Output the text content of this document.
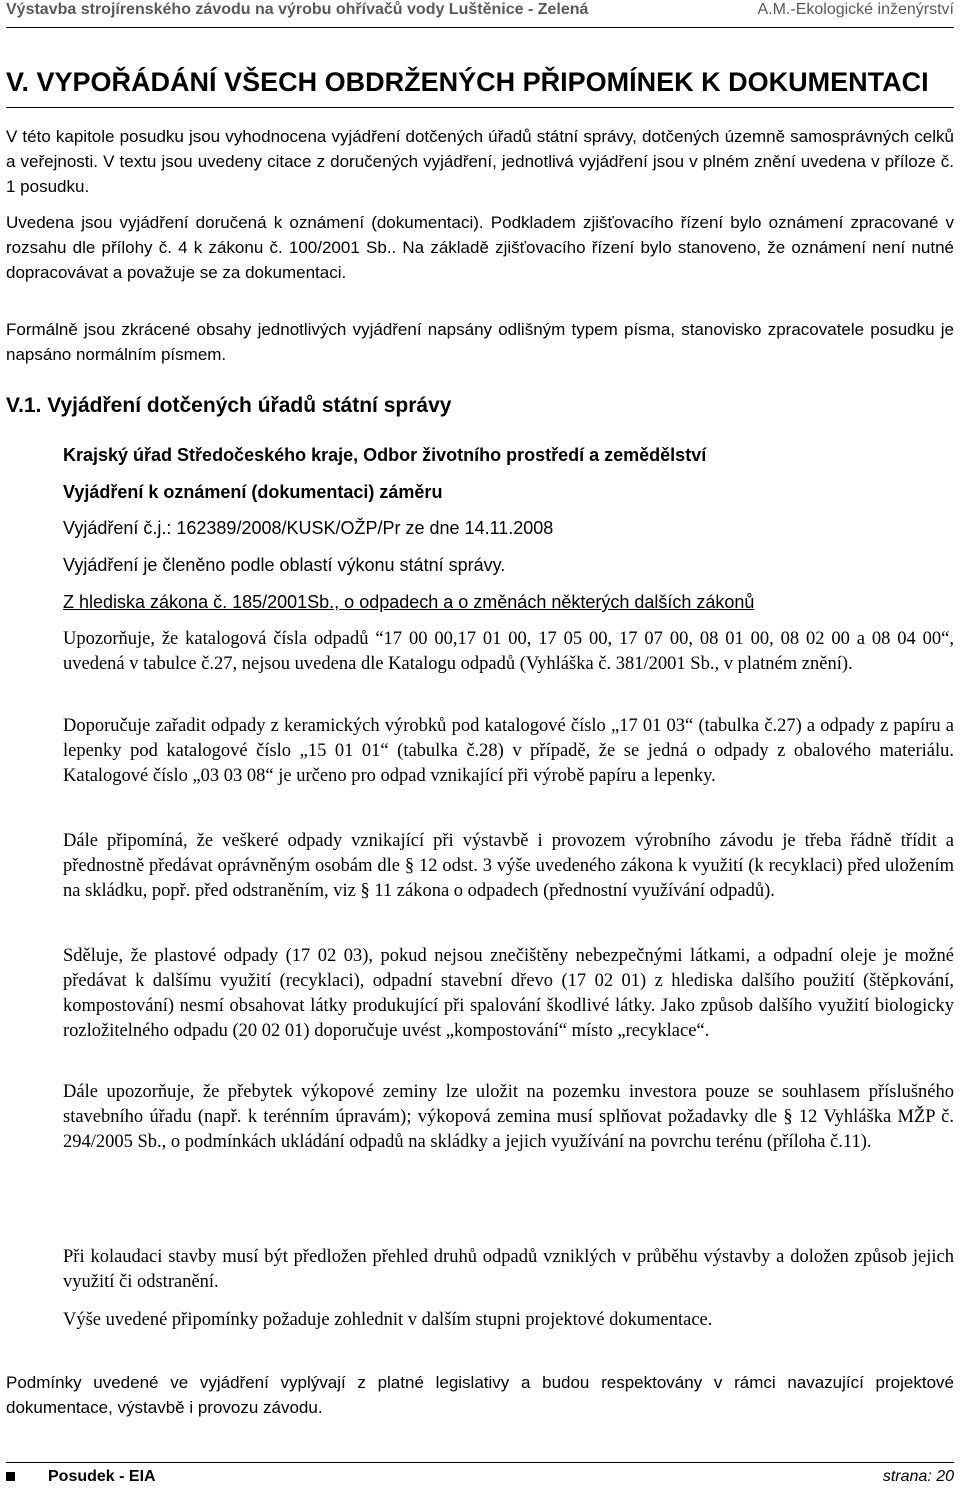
Výstavba strojírenského závodu na výrobu ohřívačů vody Luštěnice - Zelená	A.M.-Ekologické inženýrství
V. VYPOŘÁDÁNÍ VŠECH OBDRŽENÝCH PŘIPOMÍNEK K DOKUMENTACI

V této kapitole posudku jsou vyhodnocena vyjádření dotčených úřadů státní správy, dotčených územně samosprávných celků a veřejnosti. V textu jsou uvedeny citace z doručených vyjádření, jednotlivá vyjádření jsou v plném znění uvedena v příloze č. 1 posudku.

Uvedena jsou vyjádření doručená k oznámení (dokumentaci). Podkladem zjišťovacího řízení bylo oznámení zpracované v rozsahu dle přílohy č. 4 k zákonu č. 100/2001 Sb.. Na základě zjišťovacího řízení bylo stanoveno, že oznámení není nutné dopracovávat a považuje se za dokumentaci.

Formálně jsou zkrácené obsahy jednotlivých vyjádření napsány odlišným typem písma, stanovisko zpracovatele posudku je napsáno normálním písmem.

V.1. Vyjádření dotčených úřadů státní správy

Krajský úřad Středočeského kraje, Odbor životního prostředí a zemědělství

Vyjádření k oznámení (dokumentaci) záměru

Vyjádření č.j.: 162389/2008/KUSK/OŽP/Pr ze dne 14.11.2008

Vyjádření je členěno podle oblastí výkonu státní správy.

Z hlediska zákona č. 185/2001Sb., o odpadech a o změnách některých dalších zákonů

Upozorňuje, že katalogová čísla odpadů “17 00 00,17 01 00, 17 05 00, 17 07 00, 08 01 00, 08 02 00 a 08 04 00“, uvedená v tabulce č.27, nejsou uvedena dle Katalogu odpadů (Vyhláška č. 381/2001 Sb., v platném znění).

Doporučuje zařadit odpady z keramických výrobků pod katalogové číslo „17 01 03“ (tabulka č.27) a odpady z papíru a lepenky pod katalogové číslo „15 01 01“ (tabulka č.28) v případě, že se jedná o odpady z obalového materiálu. Katalogové číslo „03 03 08“ je určeno pro odpad vznikající při výrobě papíru a lepenky.

Dále připomíná, že veškeré odpady vznikající při výstavbě i provozem výrobního závodu je třeba řádně třídit a přednostně předávat oprávněným osobám dle § 12 odst. 3 výše uvedeného zákona k využití (k recyklaci) před uložením na skládku, popř. před odstraněním, viz § 11 zákona o odpadech (přednostní využívání odpadů).

Sděluje, že plastové odpady (17 02 03), pokud nejsou znečištěny nebezpečnými látkami, a odpadní oleje je možné předávat k dalšímu využití (recyklaci), odpadní stavební dřevo (17 02 01) z hlediska dalšího použití (štěpkování, kompostování) nesmí obsahovat látky produkující při spalování škodlivé látky. Jako způsob dalšího využití biologicky rozložitelného odpadu (20 02 01) doporučuje uvést „kompostování“ místo „recyklace“.

Dále upozorňuje, že přebytek výkopové zeminy lze uložit na pozemku investora pouze se souhlasem příslušného stavebního úřadu (např. k terénním úpravám); výkopová zemina musí splňovat požadavky dle § 12 Vyhláška MŽP č. 294/2005 Sb., o podmínkách ukládání odpadů na skládky a jejich využívání na povrchu terénu (příloha č.11).

Při kolaudaci stavby musí být předložen přehled druhů odpadů vzniklých v průběhu výstavby a doložen způsob jejich využití či odstranění.

Výše uvedené připomínky požaduje zohlednit v dalším stupni projektové dokumentace.

Podmínky uvedené ve vyjádření vyplývají z platné legislativy a budou respektovány v rámci navazující projektové dokumentace, výstavbě i provozu závodu.

Posudek - EIA	strana: 20
